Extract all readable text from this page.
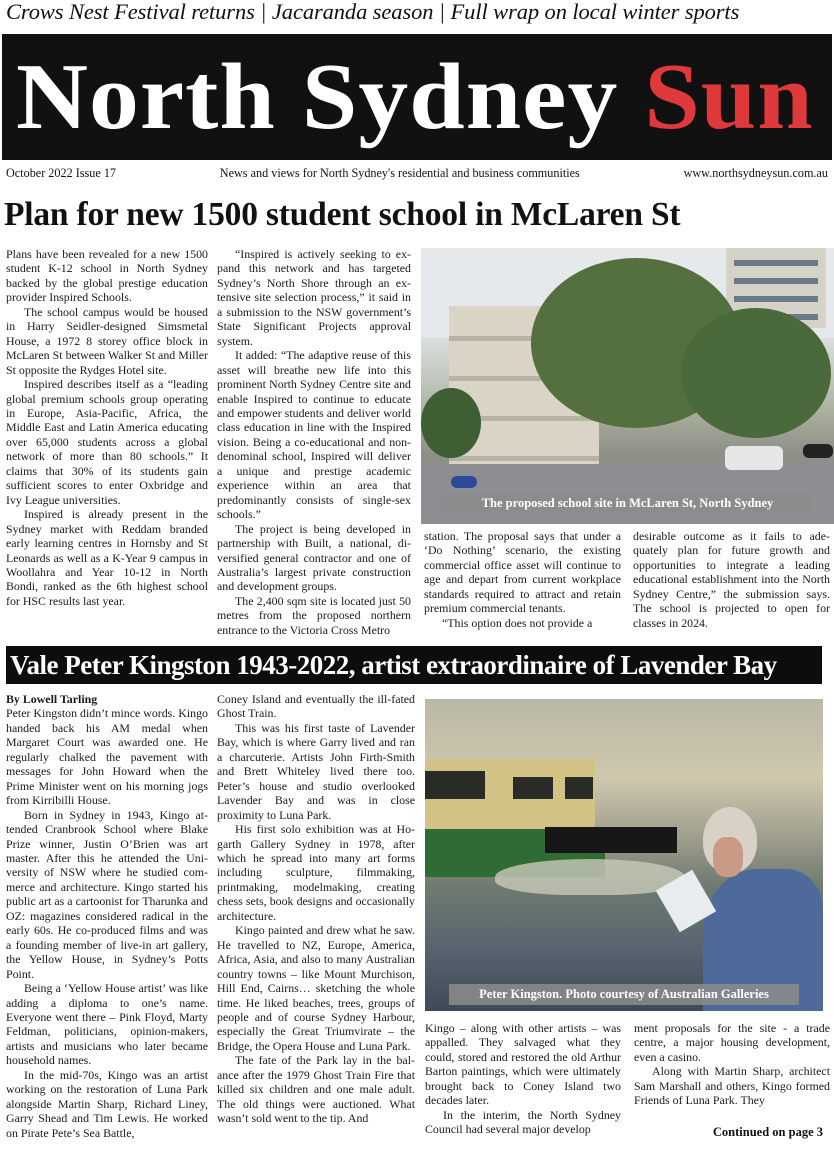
Crows Nest Festival returns | Jacaranda season | Full wrap on local winter sports
North Sydney Sun
October 2022 Issue 17	News and views for North Sydney's residential and business communities	www.northsydneysun.com.au
Plan for new 1500 student school in McLaren St

Plans have been revealed for a new 1500 student K-12 school in North Sydney backed by the global prestige education provider Inspired Schools.

The school campus would be housed in Harry Seidler-designed Simsmetal House, a 1972 8 storey office block in McLaren St between Walker St and Miller St opposite the Rydges Hotel site.

Inspired describes itself as a “leading global premium schools group operating in Europe, Asia-Pacific, Africa, the Middle East and Latin America educating over 65,000 students across a global network of more than 80 schools.” It claims that 30% of its students gain sufficient scores to enter Oxbridge and Ivy League universities.

Inspired is already present in the Sydney market with Reddam branded early learning centres in Hornsby and St Leonards as well as a K-Year 9 campus in Woollahra and Year 10-12 in North Bondi, ranked as the 6th highest school for HSC results last year.

“Inspired is actively seeking to expand this network and has targeted Sydney’s North Shore through an extensive site selection process,” it said in a submission to the NSW government’s State Significant Projects approval system.

It added: “The adaptive reuse of this asset will breathe new life into this prominent North Sydney Centre site and enable Inspired to continue to educate and empower students and deliver world class education in line with the Inspired vision. Being a co-educational and non-denominal school, Inspired will deliver a unique and prestige academic experience within an area that predominantly consists of single-sex schools.”

The project is being developed in partnership with Built, a national, diversified general contractor and one of Australia’s largest private construction and development groups.

The 2,400 sqm site is located just 50 metres from the proposed northern entrance to the Victoria Cross Metro

The proposed school site in McLaren St, North Sydney

station. The proposal says that under a ‘Do Nothing’ scenario, the existing commercial office asset will continue to age and depart from current workplace standards required to attract and retain premium commercial tenants.

“This option does not provide a

desirable outcome as it fails to adequately plan for future growth and opportunities to integrate a leading educational establishment into the North Sydney Centre,” the submission says. The school is projected to open for classes in 2024.

Vale Peter Kingston 1943-2022, artist extraordinaire of Lavender Bay

By Lowell Tarling

Peter Kingston didn’t mince words. Kingo handed back his AM medal when Margaret Court was awarded one. He regularly chalked the pavement with messages for John Howard when the Prime Minister went on his morning jogs from Kirribilli House.

Born in Sydney in 1943, Kingo attended Cranbrook School where Blake Prize winner, Justin O’Brien was art master. After this he attended the University of NSW where he studied commerce and architecture. Kingo started his public art as a cartoonist for Tharunka and OZ: magazines considered radical in the early 60s. He co-produced films and was a founding member of live-in art gallery, the Yellow House, in Sydney’s Potts Point.

Being a ‘Yellow House artist’ was like adding a diploma to one’s name. Everyone went there – Pink Floyd, Marty Feldman, politicians, opinion-makers, artists and musicians who later became household names.

In the mid-70s, Kingo was an artist working on the restoration of Luna Park alongside Martin Sharp, Richard Liney, Garry Shead and Tim Lewis. He worked on Pirate Pete’s Sea Battle,

Coney Island and eventually the ill-fated Ghost Train.

This was his first taste of Lavender Bay, which is where Garry lived and ran a charcuterie. Artists John Firth-Smith and Brett Whiteley lived there too. Peter’s house and studio overlooked Lavender Bay and was in close proximity to Luna Park.

His first solo exhibition was at Hogarth Gallery Sydney in 1978, after which he spread into many art forms including sculpture, filmmaking, printmaking, modelmaking, creating chess sets, book designs and occasionally architecture.

Kingo painted and drew what he saw. He travelled to NZ, Europe, America, Africa, Asia, and also to many Australian country towns – like Mount Murchison, Hill End, Cairns… sketching the whole time. He liked beaches, trees, groups of people and of course Sydney Harbour, especially the Great Triumvirate – the Bridge, the Opera House and Luna Park.

The fate of the Park lay in the balance after the 1979 Ghost Train Fire that killed six children and one male adult. The old things were auctioned. What wasn’t sold went to the tip. And

Peter Kingston. Photo courtesy of Australian Galleries

Kingo – along with other artists – was appalled. They salvaged what they could, stored and restored the old Arthur Barton paintings, which were ultimately brought back to Coney Island two decades later.

In the interim, the North Sydney Council had several major develop

ment proposals for the site - a trade centre, a major housing development, even a casino.

Along with Martin Sharp, architect Sam Marshall and others, Kingo formed Friends of Luna Park. They

Continued on page 3
